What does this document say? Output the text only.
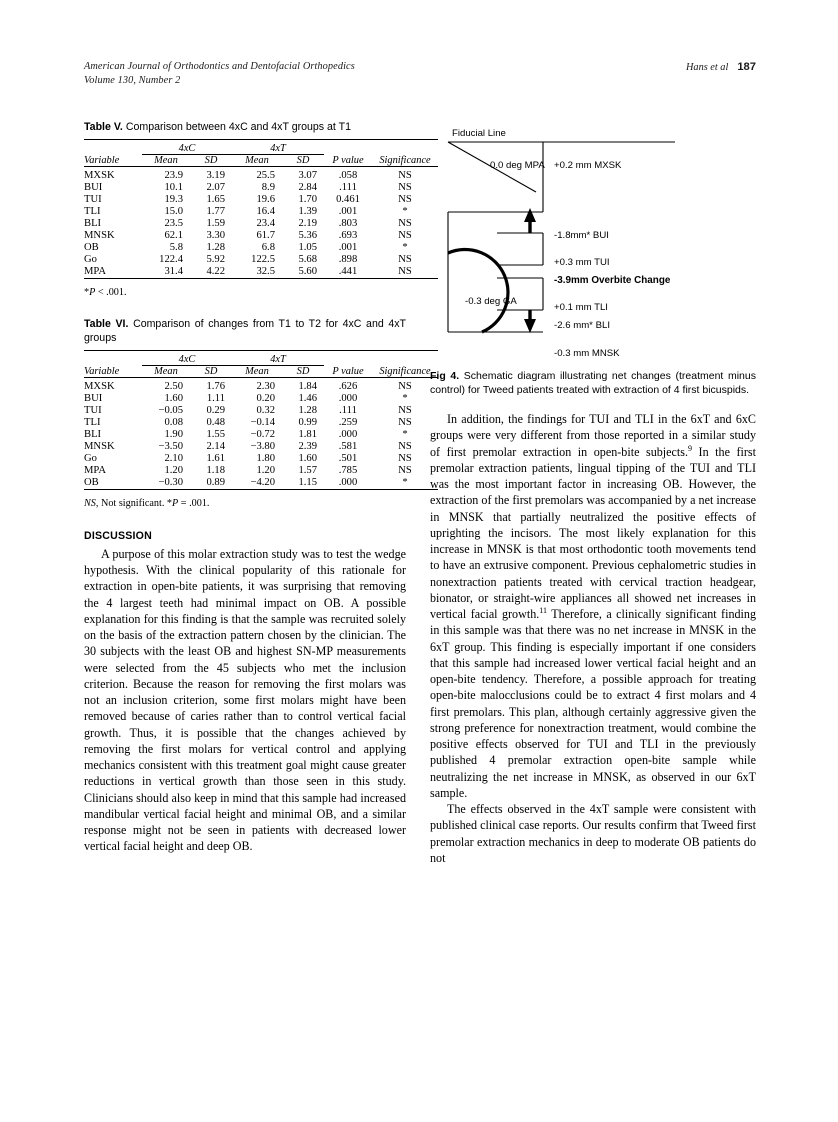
American Journal of Orthodontics and Dentofacial Orthopedics
Volume 130, Number 2
Hans et al 187

Table V. Comparison between 4xC and 4xT groups at T1

	4xC		4xT			
Variable	Mean	SD	Mean	SD	P value	Significance

MXSK	23.9	3.19	25.5	3.07	.058	NS
BUI	10.1	2.07	8.9	2.84	.111	NS
TUI	19.3	1.65	19.6	1.70	0.461	NS
TLI	15.0	1.77	16.4	1.39	.001	*
BLI	23.5	1.59	23.4	2.19	.803	NS
MNSK	62.1	3.30	61.7	5.36	.693	NS
OB	5.8	1.28	6.8	1.05	.001	*
Go	122.4	5.92	122.5	5.68	.898	NS
MPA	31.4	4.22	32.5	5.60	.441	NS

*P < .001.

Table VI. Comparison of changes from T1 to T2 for 4xC and 4xT groups

	4xC		4xT			
Variable	Mean	SD	Mean	SD	P value	Significance

MXSK	2.50	1.76	2.30	1.84	.626	NS
BUI	1.60	1.11	0.20	1.46	.000	*
TUI	−0.05	0.29	0.32	1.28	.111	NS
TLI	0.08	0.48	−0.14	0.99	.259	NS
BLI	1.90	1.55	−0.72	1.81	.000	*
MNSK	−3.50	2.14	−3.80	2.39	.581	NS
Go	2.10	1.61	1.80	1.60	.501	NS
MPA	1.20	1.18	1.20	1.57	.785	NS
OB	−0.30	0.89	−4.20	1.15	.000	*

NS, Not significant. *P = .001.
DISCUSSION

A purpose of this molar extraction study was to test the wedge hypothesis. With the clinical popularity of this rationale for extraction in open-bite patients, it was surprising that removing the 4 largest teeth had minimal impact on OB. A possible explanation for this finding is that the sample was recruited solely on the basis of the extraction pattern chosen by the clinician. The 30 subjects with the least OB and highest SN-MP measurements were selected from the 45 subjects who met the inclusion criterion. Because the reason for removing the first molars was not an inclusion criterion, some first molars might have been removed because of caries rather than to control vertical facial growth. Thus, it is possible that the changes achieved by removing the first molars for vertical control and applying mechanics consistent with this treatment goal might cause greater reductions in vertical growth than those seen in this study. Clinicians should also keep in mind that this sample had increased mandibular vertical facial height and minimal OB, and a similar response might not be seen in patients with decreased lower vertical facial height and deep OB.

Fiducial Line
0.0 deg MPA
-0.3 deg GA
+0.2 mm MXSK
-1.8mm* BUI
+0.3 mm TUI
-3.9mm Overbite Change
+0.1 mm TLI
-2.6 mm* BLI
-0.3 mm MNSK

Fig 4. Schematic diagram illustrating net changes (treatment minus control) for Tweed patients treated with extraction of 4 first bicuspids.

In addition, the findings for TUI and TLI in the 6xT and 6xC groups were very different from those reported in a similar study of first premolar extraction in open-bite subjects.$^9$ In the first premolar extraction patients, lingual tipping of the TUI and TLI was the most important factor in increasing OB. However, the extraction of the first premolars was accompanied by a net increase in MNSK that partially neutralized the positive effects of uprighting the incisors. The most likely explanation for this increase in MNSK is that most orthodontic tooth movements tend to have an extrusive component. Previous cephalometric studies in nonextraction patients treated with cervical traction headgear, bionator, or straight-wire appliances all showed net increases in vertical facial growth.$^{11}$ Therefore, a clinically significant finding in this sample was that there was no net increase in MNSK in the 6xT group. This finding is especially important if one considers that this sample had increased lower vertical facial height and an open-bite tendency. Therefore, a possible approach for treating open-bite malocclusions could be to extract 4 first molars and 4 first premolars. This plan, although certainly aggressive given the strong preference for nonextraction treatment, would combine the positive effects observed for TUI and TLI in the previously published 4 premolar extraction open-bite sample while neutralizing the net increase in MNSK, as observed in our 6xT sample.

The effects observed in the 4xT sample were consistent with published clinical case reports. Our results confirm that Tweed first premolar extraction mechanics in deep to moderate OB patients do not
